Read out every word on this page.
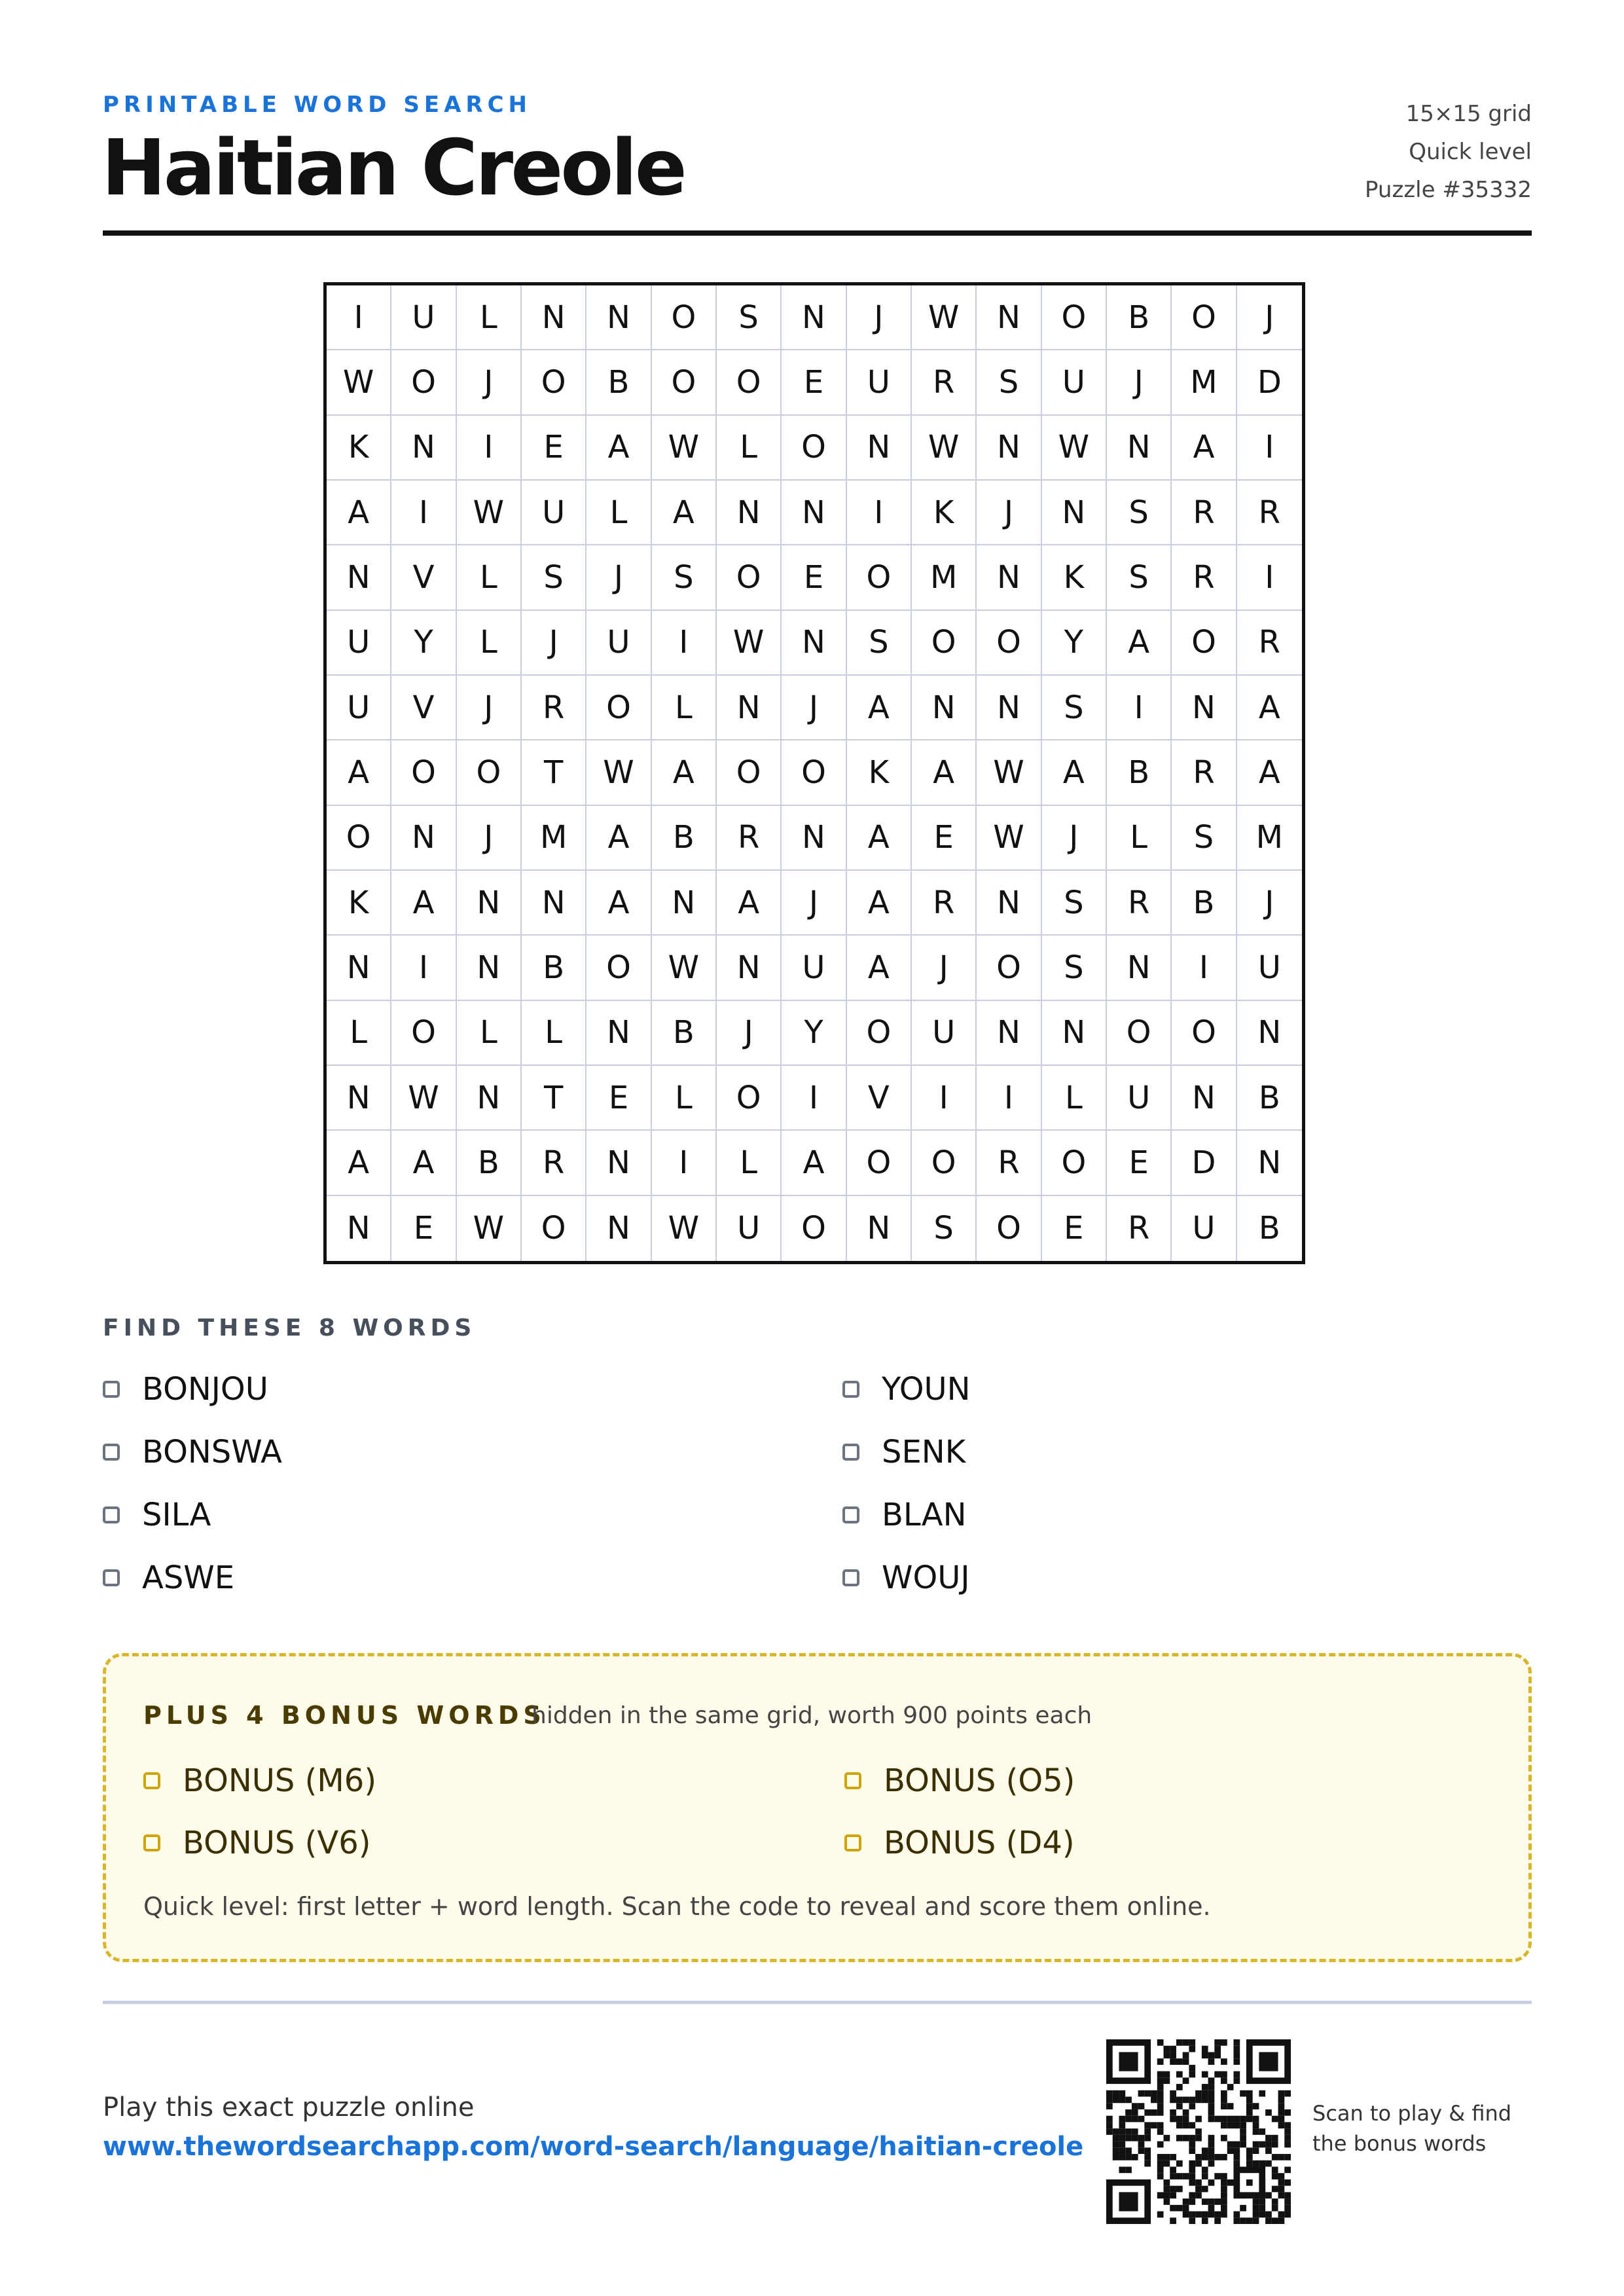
PRINTABLE WORD SEARCH
Haitian Creole
15×15 grid
Quick level
Puzzle #35332
I	U	L	N	N	O	S	N	J	W	N	O	B	O	J
W	O	J	O	B	O	O	E	U	R	S	U	J	M	D
K	N	I	E	A	W	L	O	N	W	N	W	N	A	I
A	I	W	U	L	A	N	N	I	K	J	N	S	R	R
N	V	L	S	J	S	O	E	O	M	N	K	S	R	I
U	Y	L	J	U	I	W	N	S	O	O	Y	A	O	R
U	V	J	R	O	L	N	J	A	N	N	S	I	N	A
A	O	O	T	W	A	O	O	K	A	W	A	B	R	A
O	N	J	M	A	B	R	N	A	E	W	J	L	S	M
K	A	N	N	A	N	A	J	A	R	N	S	R	B	J
N	I	N	B	O	W	N	U	A	J	O	S	N	I	U
L	O	L	L	N	B	J	Y	O	U	N	N	O	O	N
N	W	N	T	E	L	O	I	V	I	I	L	U	N	B
A	A	B	R	N	I	L	A	O	O	R	O	E	D	N
N	E	W	O	N	W	U	O	N	S	O	E	R	U	B
FIND THESE 8 WORDS
BONJOU	YOUN
BONSWA	SENK
SILA	BLAN
ASWE	WOUJ
PLUS 4 BONUS WORDS
hidden in the same grid, worth 900 points each
BONUS (M6)	BONUS (O5)
BONUS (V6)	BONUS (D4)
Quick level: first letter + word length. Scan the code to reveal and score them online.
Play this exact puzzle online
www.thewordsearchapp.com/word-search/language/haitian-creole
Scan to play & find the bonus words
